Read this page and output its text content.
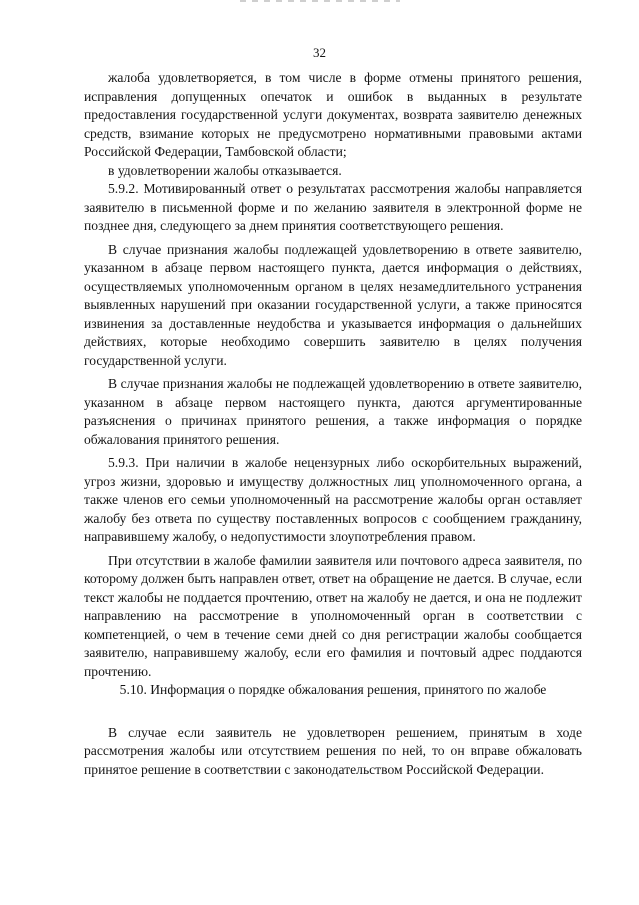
32

жалоба удовлетворяется, в том числе в форме отмены принятого решения, исправления допущенных опечаток и ошибок в выданных в результате предоставления государственной услуги документах, возврата заявителю денежных средств, взимание которых не предусмотрено нормативными правовыми актами Российской Федерации, Тамбовской области;

в удовлетворении жалобы отказывается.

5.9.2. Мотивированный ответ о результатах рассмотрения жалобы направляется заявителю в письменной форме и по желанию заявителя в электронной форме не позднее дня, следующего за днем принятия соответствующего решения.

В случае признания жалобы подлежащей удовлетворению в ответе заявителю, указанном в абзаце первом настоящего пункта, дается информация о действиях, осуществляемых уполномоченным органом в целях незамедлительного устранения выявленных нарушений при оказании государственной услуги, а также приносятся извинения за доставленные неудобства и указывается информация о дальнейших действиях, которые необходимо совершить заявителю в целях получения государственной услуги.

В случае признания жалобы не подлежащей удовлетворению в ответе заявителю, указанном в абзаце первом настоящего пункта, даются аргументированные разъяснения о причинах принятого решения, а также информация о порядке обжалования принятого решения.

5.9.3. При наличии в жалобе нецензурных либо оскорбительных выражений, угроз жизни, здоровью и имуществу должностных лиц уполномоченного органа, а также членов его семьи уполномоченный на рассмотрение жалобы орган оставляет жалобу без ответа по существу поставленных вопросов с сообщением гражданину, направившему жалобу, о недопустимости злоупотребления правом.

При отсутствии в жалобе фамилии заявителя или почтового адреса заявителя, по которому должен быть направлен ответ, ответ на обращение не дается. В случае, если текст жалобы не поддается прочтению, ответ на жалобу не дается, и она не подлежит направлению на рассмотрение в уполномоченный орган в соответствии с компетенцией, о чем в течение семи дней со дня регистрации жалобы сообщается заявителю, направившему жалобу, если его фамилия и почтовый адрес поддаются прочтению.

5.10. Информация о порядке обжалования решения, принятого по жалобе

В случае если заявитель не удовлетворен решением, принятым в ходе рассмотрения жалобы или отсутствием решения по ней, то он вправе обжаловать принятое решение в соответствии с законодательством Российской Федерации.
